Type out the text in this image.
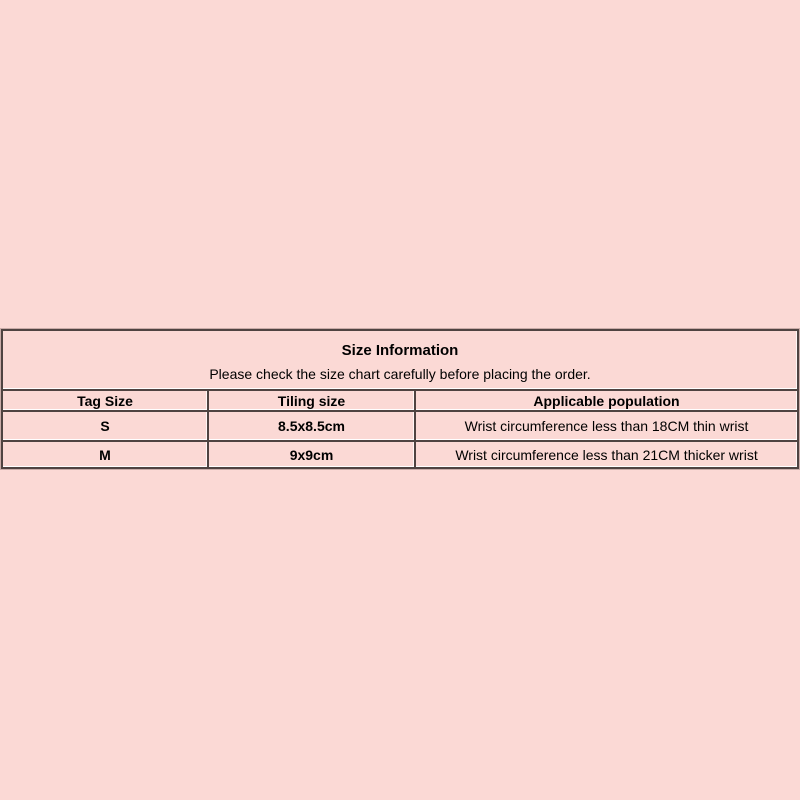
Size Information
Please check the size chart carefully before placing the order.		

Tag Size	Tiling size	Applicable population
S	8.5x8.5cm	Wrist circumference less than 18CM thin wrist
M	9x9cm	Wrist circumference less than 21CM thicker wrist
